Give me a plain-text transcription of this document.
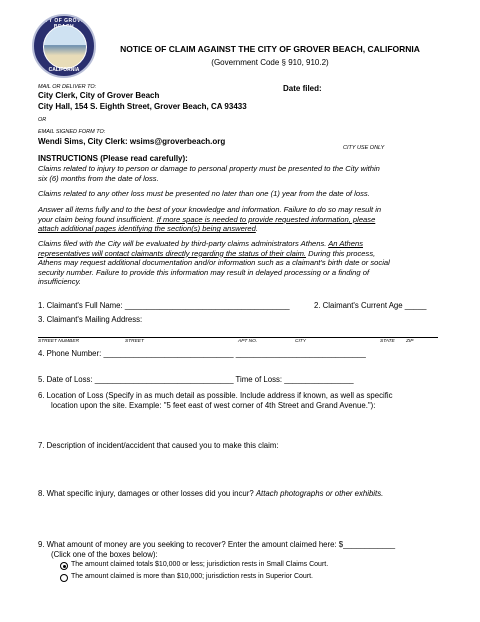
CITY OF GROVER
CALIFORNIA
NOTICE OF CLAIM AGAINST THE CITY OF GROVER BEACH, CALIFORNIA
(Government Code § 910, 910.2)
MAIL OR DELIVER TO:
City Clerk, City of Grover Beach
City Hall, 154 S. Eighth Street, Grover Beach, CA 93433
Date filed:
OR
EMAIL SIGNED FORM TO:
Wendi Sims, City Clerk: wsims@groverbeach.org
CITY USE ONLY
INSTRUCTIONS (Please read carefully):
Claims related to injury to person or damage to personal property must be presented to the City within
six (6) months from the date of loss.
Claims related to any other loss must be presented no later than one (1) year from the date of loss.
Answer all items fully and to the best of your knowledge and information. Failure to do so may result in
your claim being found insufficient. If more space is needed to provide requested information, please
attach additional pages identifying the section(s) being answered.
Claims filed with the City will be evaluated by third-party claims administrators Athens. An Athens
representatives will contact claimants directly regarding the status of their claim. During this process,
Athens may request additional documentation and/or information such as a claimant's birth date or social
security number. Failure to provide this information may result in delayed processing or a finding of
insufficiency.
1. Claimant's Full Name: ______________________________________	2. Claimant's Current Age _____
3. Claimant's Mailing Address:
STREET NUMBER	STREET	APT NO.	CITY	STATE ZIP
4. Phone Number: ______________________________ ______________________________
5. Date of Loss: ________________________________ Time of Loss: ________________
6. Location of Loss (Specify in as much detail as possible. Include address if known, as well as specific
location upon the site. Example: "5 feet east of west corner of 4th Street and Grand Avenue."):
7. Description of incident/accident that caused you to make this claim:
8. What specific injury, damages or other losses did you incur? Attach photographs or other exhibits.
9. What amount of money are you seeking to recover? Enter the amount claimed here: $____________
(Click one of the boxes below):
The amount claimed totals $10,000 or less; jurisdiction rests in Small Claims Court.
The amount claimed is more than $10,000; jurisdiction rests in Superior Court.
